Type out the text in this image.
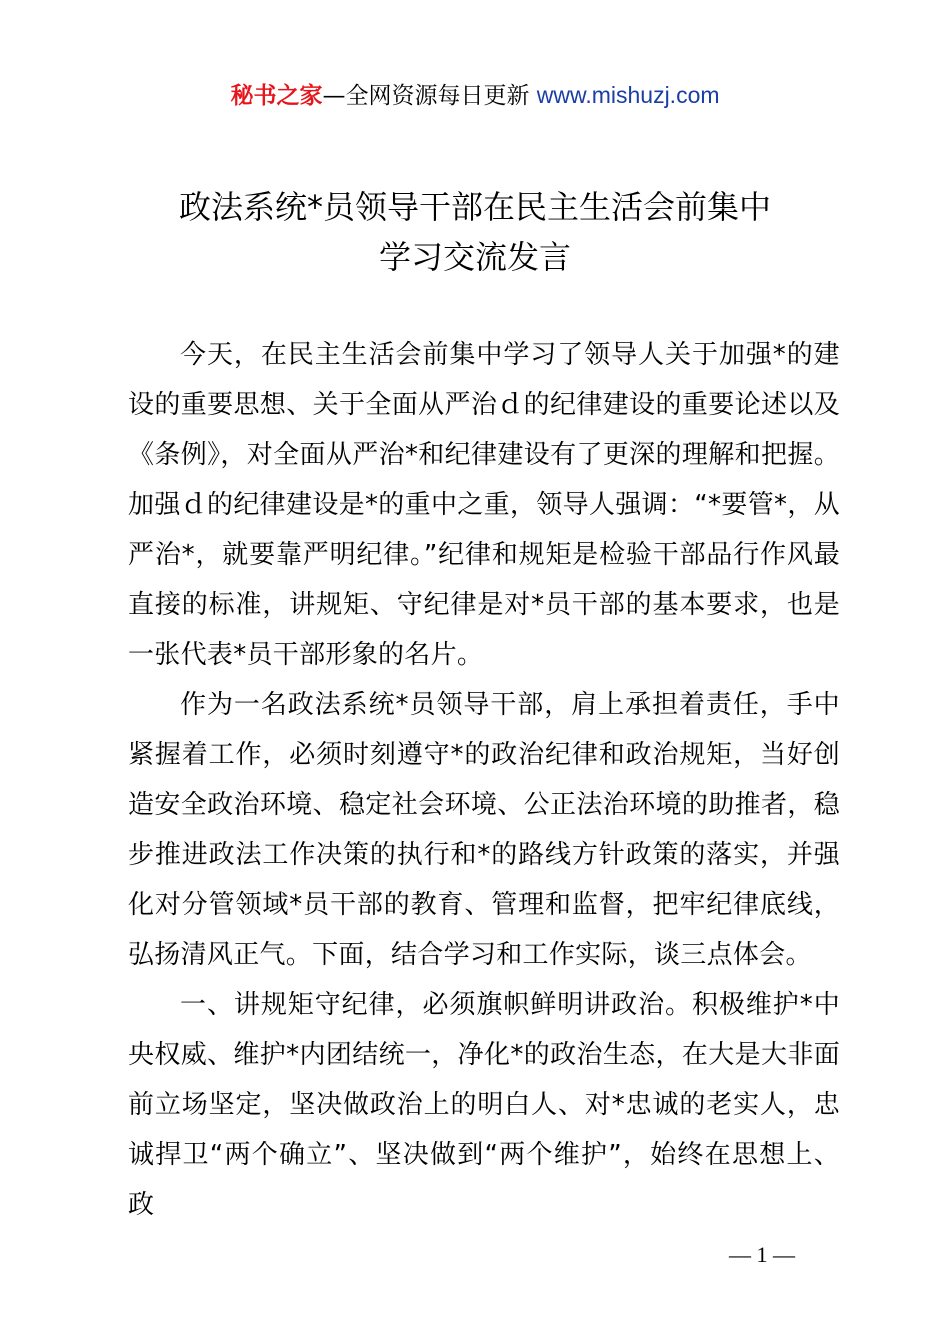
秘书之家—全网资源每日更新 www.mishuzj.com
政法系统*员领导干部在民主生活会前集中
学习交流发言

今天，在民主生活会前集中学习了领导人关于加强*的建设的重要思想、关于全面从严治ｄ的纪律建设的重要论述以及《条例》，对全面从严治*和纪律建设有了更深的理解和把握。加强ｄ的纪律建设是*的重中之重，领导人强调：“*要管*，从严治*，就要靠严明纪律。”纪律和规矩是检验干部品行作风最直接的标准，讲规矩、守纪律是对*员干部的基本要求，也是一张代表*员干部形象的名片。

作为一名政法系统*员领导干部，肩上承担着责任，手中紧握着工作，必须时刻遵守*的政治纪律和政治规矩，当好创造安全政治环境、稳定社会环境、公正法治环境的助推者，稳步推进政法工作决策的执行和*的路线方针政策的落实，并强化对分管领域*员干部的教育、管理和监督，把牢纪律底线，弘扬清风正气。下面，结合学习和工作实际，谈三点体会。

一、讲规矩守纪律，必须旗帜鲜明讲政治。积极维护*中央权威、维护*内团结统一，净化*的政治生态，在大是大非面前立场坚定，坚决做政治上的明白人、对*忠诚的老实人，忠诚捍卫“两个确立”、坚决做到“两个维护”，始终在思想上、政

— 1 —
